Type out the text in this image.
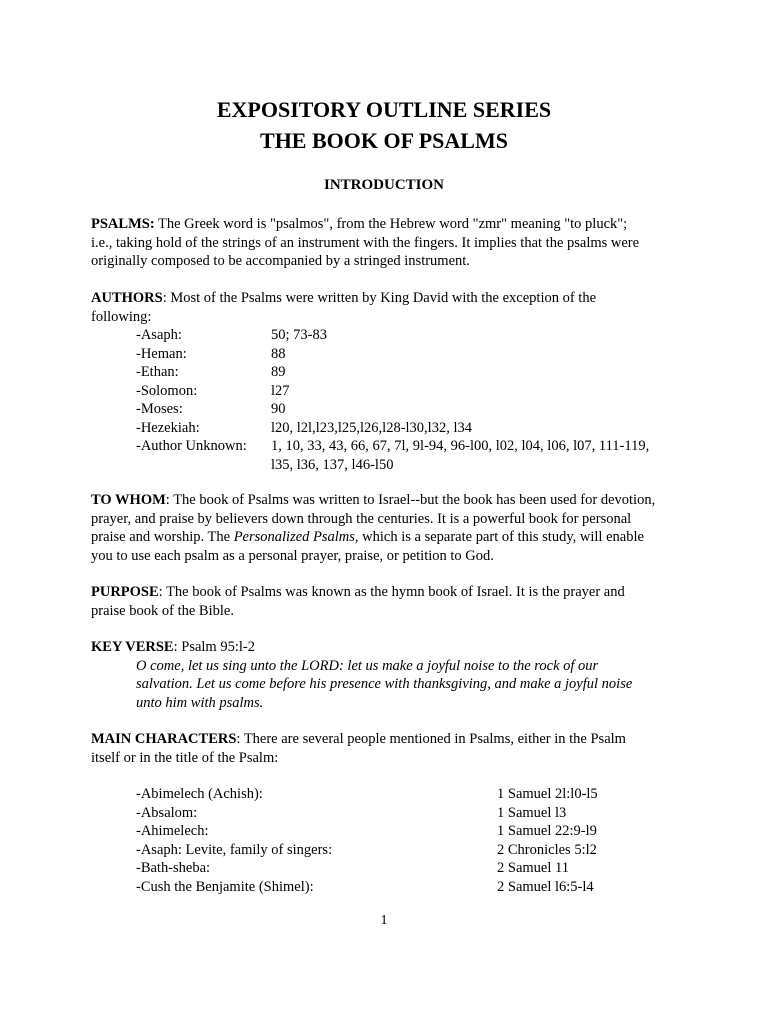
EXPOSITORY OUTLINE SERIES
THE BOOK OF PSALMS
INTRODUCTION
PSALMS: The Greek word is "psalmos", from the Hebrew word "zmr" meaning "to pluck";
i.e., taking hold of the strings of an instrument with the fingers. It implies that the psalms were
originally composed to be accompanied by a stringed instrument.
AUTHORS: Most of the Psalms were written by King David with the exception of the
following:
-Asaph:	50; 73-83
-Heman:	88
-Ethan:	89
-Solomon:	l27
-Moses:	90
-Hezekiah:	l20, l2l,l23,l25,l26,l28-l30,l32, l34
-Author Unknown: 1, 10, 33, 43, 66, 67, 7l, 9l-94, 96-l00, l02, l04, l06, l07, 111-119,
l35, l36, 137, l46-l50
TO WHOM: The book of Psalms was written to Israel--but the book has been used for devotion,
prayer, and praise by believers down through the centuries. It is a powerful book for personal
praise and worship. The Personalized Psalms, which is a separate part of this study, will enable
you to use each psalm as a personal prayer, praise, or petition to God.
PURPOSE: The book of Psalms was known as the hymn book of Israel. It is the prayer and
praise book of the Bible.
KEY VERSE: Psalm 95:l-2
O come, let us sing unto the LORD: let us make a joyful noise to the rock of our
salvation. Let us come before his presence with thanksgiving, and make a joyful noise
unto him with psalms.
MAIN CHARACTERS: There are several people mentioned in Psalms, either in the Psalm
itself or in the title of the Psalm:
-Abimelech (Achish):	1 Samuel 2l:l0-l5
-Absalom:	1 Samuel l3
-Ahimelech:	1 Samuel 22:9-l9
-Asaph: Levite, family of singers:	2 Chronicles 5:l2
-Bath-sheba:	2 Samuel 11
-Cush the Benjamite (Shimel):	2 Samuel l6:5-l4
1
